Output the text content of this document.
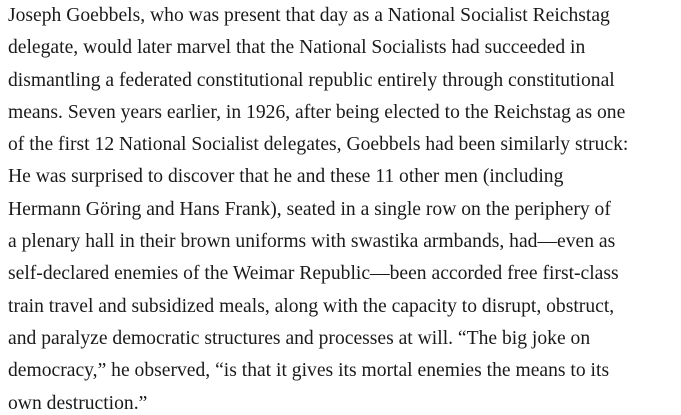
Joseph Goebbels, who was present that day as a National Socialist Reichstag
delegate, would later marvel that the National Socialists had succeeded in
dismantling a federated constitutional republic entirely through constitutional
means. Seven years earlier, in 1926, after being elected to the Reichstag as one
of the first 12 National Socialist delegates, Goebbels had been similarly struck:
He was surprised to discover that he and these 11 other men (including
Hermann Göring and Hans Frank), seated in a single row on the periphery of
a plenary hall in their brown uniforms with swastika armbands, had—even as
self-declared enemies of the Weimar Republic—been accorded free first-class
train travel and subsidized meals, along with the capacity to disrupt, obstruct,
and paralyze democratic structures and processes at will. “The big joke on
democracy,” he observed, “is that it gives its mortal enemies the means to its
own destruction.”
